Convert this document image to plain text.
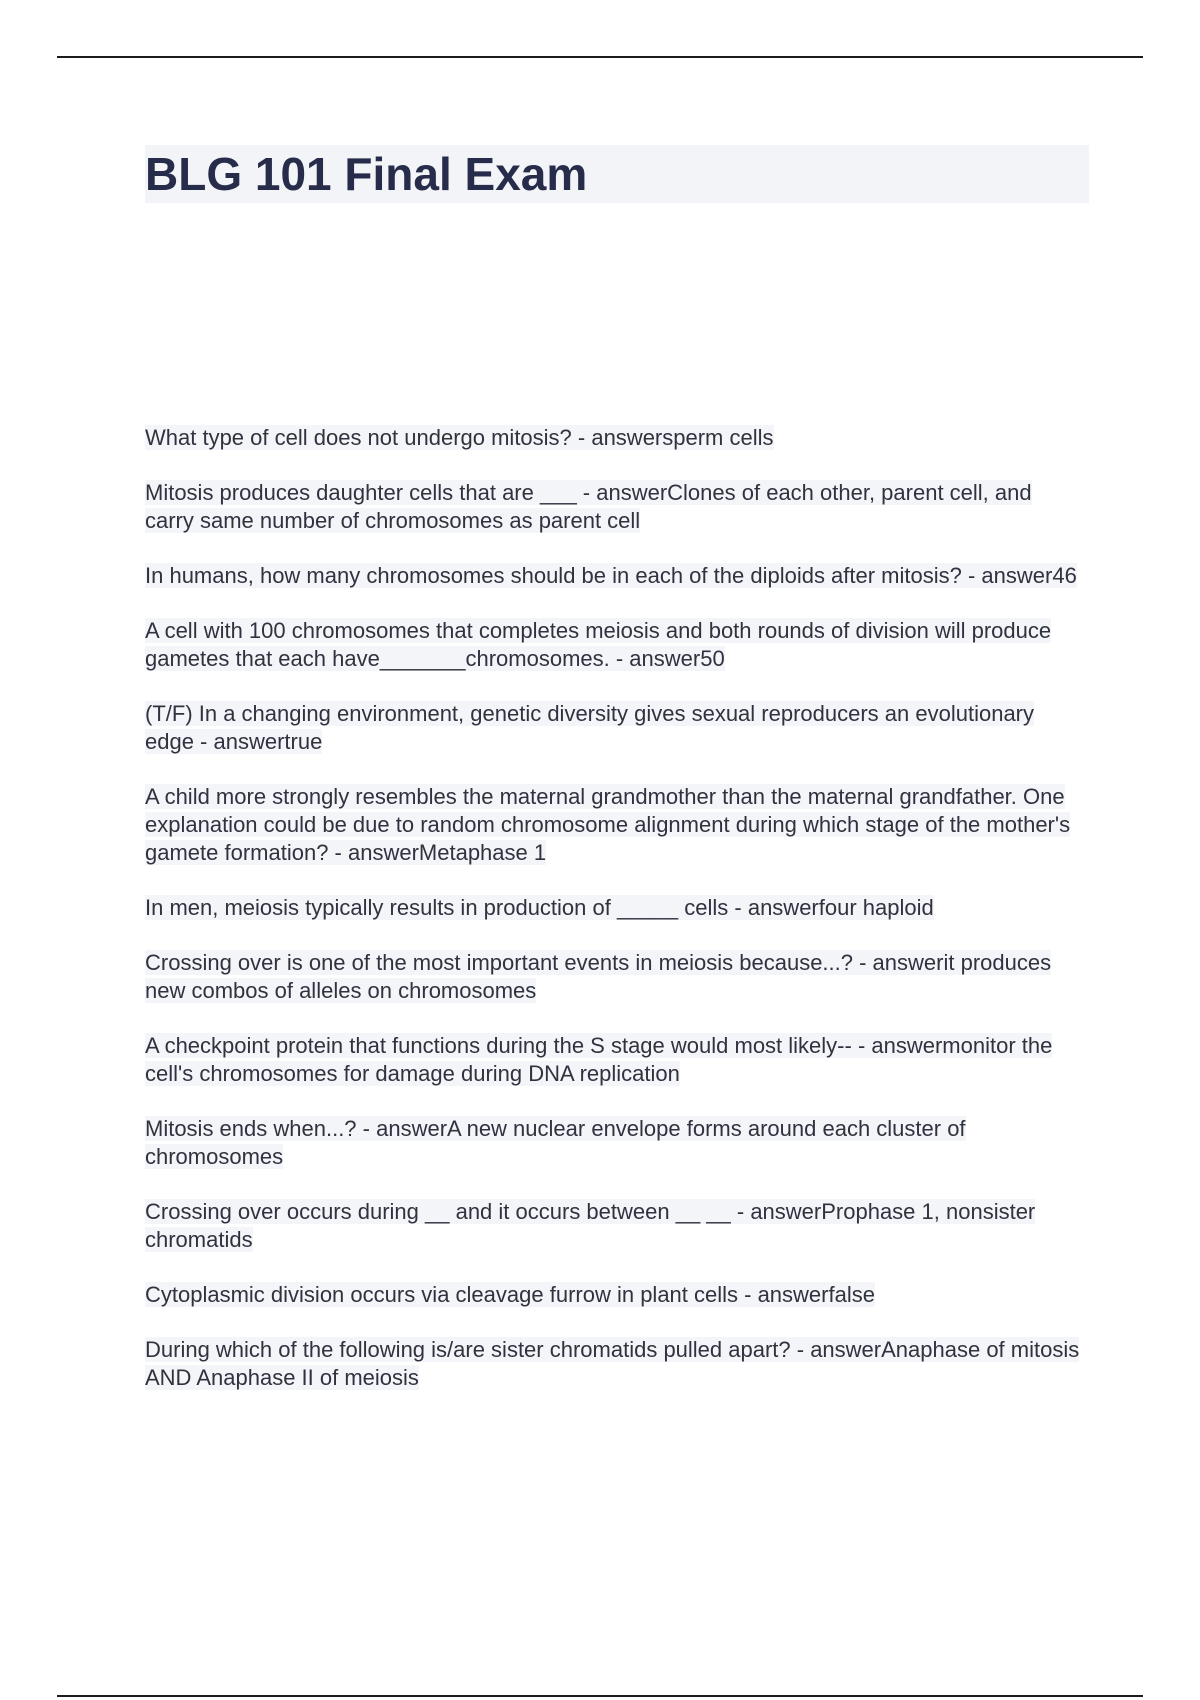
BLG 101 Final Exam
What type of cell does not undergo mitosis? - answersperm cells
Mitosis produces daughter cells that are ___ - answerClones of each other, parent cell, and carry same number of chromosomes as parent cell
In humans, how many chromosomes should be in each of the diploids after mitosis? - answer46
A cell with 100 chromosomes that completes meiosis and both rounds of division will produce gametes that each have_______chromosomes. - answer50
(T/F) In a changing environment, genetic diversity gives sexual reproducers an evolutionary edge - answertrue
A child more strongly resembles the maternal grandmother than the maternal grandfather. One explanation could be due to random chromosome alignment during which stage of the mother's gamete formation? - answerMetaphase 1
In men, meiosis typically results in production of _____ cells - answerfour haploid
Crossing over is one of the most important events in meiosis because...? - answerit produces new combos of alleles on chromosomes
A checkpoint protein that functions during the S stage would most likely-- - answermonitor the cell's chromosomes for damage during DNA replication
Mitosis ends when...? - answerA new nuclear envelope forms around each cluster of chromosomes
Crossing over occurs during __ and it occurs between __ __ - answerProphase 1, nonsister chromatids
Cytoplasmic division occurs via cleavage furrow in plant cells - answerfalse
During which of the following is/are sister chromatids pulled apart? - answerAnaphase of mitosis AND Anaphase II of meiosis
